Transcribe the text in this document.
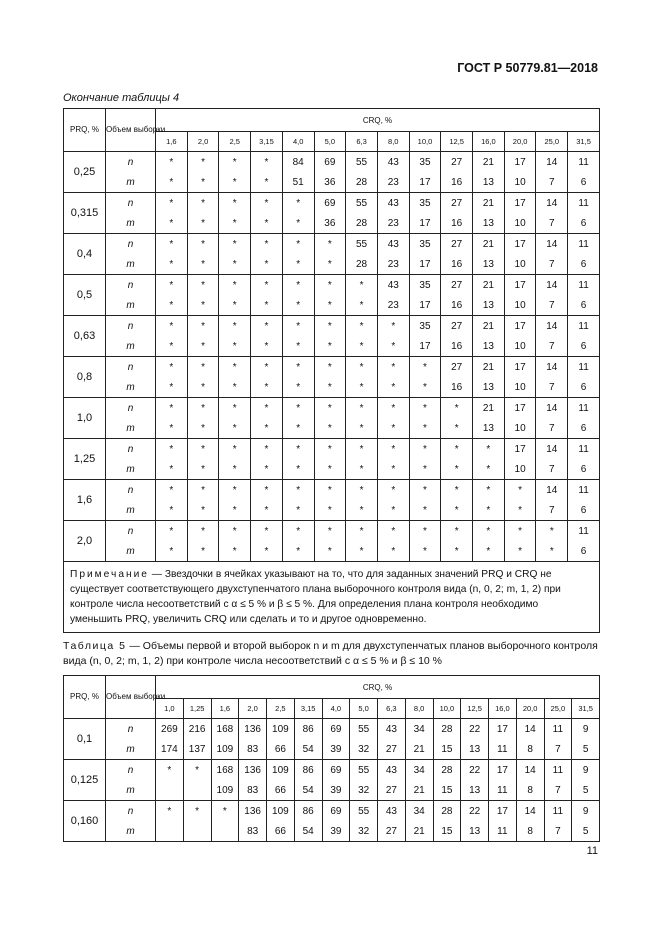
ГОСТ Р 50779.81—2018
Окончание таблицы 4
PRQ, %	Объем выборки	CRQ, %													
		1,6	2,0	2,5	3,15	4,0	5,0	6,3	8,0	10,0	12,5	16,0	20,0	25,0	31,5
0,25	n	*	*	*	*	84	69	55	43	35	27	21	17	14	11
	m	*	*	*	*	51	36	28	23	17	16	13	10	7	6
0,315	n	*	*	*	*	*	69	55	43	35	27	21	17	14	11
	m	*	*	*	*	*	36	28	23	17	16	13	10	7	6
0,4	n	*	*	*	*	*	*	55	43	35	27	21	17	14	11
	m	*	*	*	*	*	*	28	23	17	16	13	10	7	6
0,5	n	*	*	*	*	*	*	*	43	35	27	21	17	14	11
	m	*	*	*	*	*	*	*	23	17	16	13	10	7	6
0,63	n	*	*	*	*	*	*	*	*	35	27	21	17	14	11
	m	*	*	*	*	*	*	*	*	17	16	13	10	7	6
0,8	n	*	*	*	*	*	*	*	*	*	27	21	17	14	11
	m	*	*	*	*	*	*	*	*	*	16	13	10	7	6
1,0	n	*	*	*	*	*	*	*	*	*	*	21	17	14	11
	m	*	*	*	*	*	*	*	*	*	*	13	10	7	6
1,25	n	*	*	*	*	*	*	*	*	*	*	*	17	14	11
	m	*	*	*	*	*	*	*	*	*	*	*	10	7	6
1,6	n	*	*	*	*	*	*	*	*	*	*	*	*	14	11
	m	*	*	*	*	*	*	*	*	*	*	*	*	7	6
2,0	n	*	*	*	*	*	*	*	*	*	*	*	*	*	11
	m	*	*	*	*	*	*	*	*	*	*	*	*	*	6
Примечание — Звездочки в ячейках указывают на то, что для заданных значений PRQ и CRQ не существует соответствующего двухступенчатого плана выборочного контроля вида (n, 0, 2; m, 1, 2) при контроле числа несоответствий с α ≤ 5 % и β ≤ 5 %. Для определения плана контроля необходимо уменьшить PRQ, увеличить CRQ или сделать и то и другое одновременно.															
Таблица 5 — Объемы первой и второй выборок n и m для двухступенчатых планов выборочного контроля вида (n, 0, 2; m, 1, 2) при контроле числа несоответствий с α ≤ 5 % и β ≤ 10 %
PRQ, %	Объем выборки	CRQ, %															
		1,0	1,25	1,6	2,0	2,5	3,15	4,0	5,0	6,3	8,0	10,0	12,5	16,0	20,0	25,0	31,5
0,1	n	269	216	168	136	109	86	69	55	43	34	28	22	17	14	11	9
	m	174	137	109	83	66	54	39	32	27	21	15	13	11	8	7	5
0,125	n	*	*	168	136	109	86	69	55	43	34	28	22	17	14	11	9
	m			109	83	66	54	39	32	27	21	15	13	11	8	7	5
0,160	n	*	*	*	136	109	86	69	55	43	34	28	22	17	14	11	9
	m				83	66	54	39	32	27	21	15	13	11	8	7	5
11
